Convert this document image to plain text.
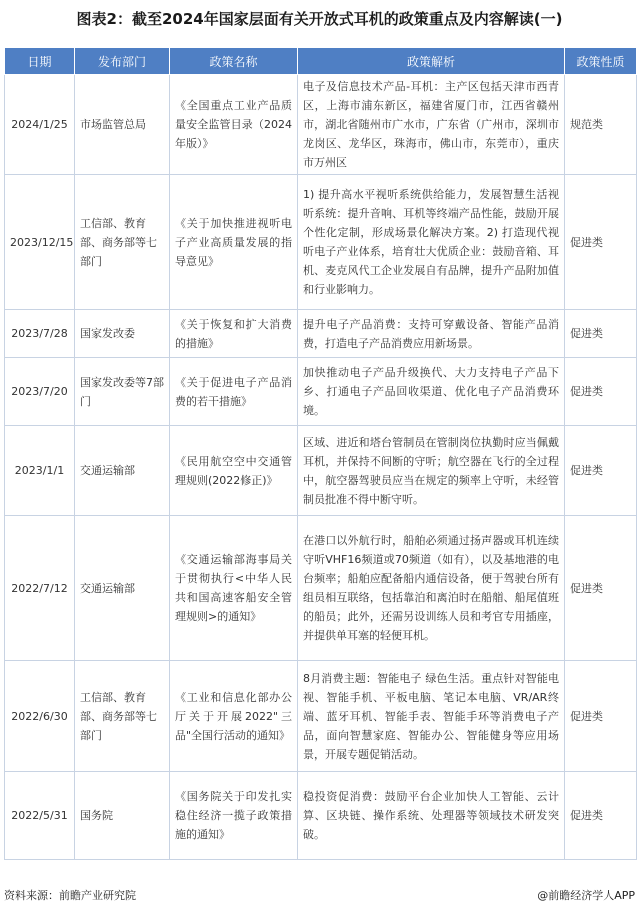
图表2：截至2024年国家层面有关开放式耳机的政策重点及内容解读(一)
日期	发布部门	政策名称	政策解析	政策性质
2024/1/25	市场监管总局	《全国重点工业产品质量安全监管目录（2024年版）》	电子及信息技术产品-耳机：主产区包括天津市西青区，上海市浦东新区，福建省厦门市，江西省赣州市，湖北省随州市广水市，广东省（广州市，深圳市龙岗区、龙华区，珠海市，佛山市，东莞市），重庆市万州区	规范类
2023/12/15	工信部、教育部、商务部等七部门	《关于加快推进视听电子产业高质量发展的指导意见》	1) 提升高水平视听系统供给能力，发展智慧生活视听系统：提升音响、耳机等终端产品性能，鼓励开展个性化定制，形成场景化解决方案。2) 打造现代视听电子产业体系，培育壮大优质企业：鼓励音箱、耳机、麦克风代工企业发展自有品牌，提升产品附加值和行业影响力。	促进类
2023/7/28	国家发改委	《关于恢复和扩大消费的措施》	提升电子产品消费：支持可穿戴设备、智能产品消费，打造电子产品消费应用新场景。	促进类
2023/7/20	国家发改委等7部门	《关于促进电子产品消费的若干措施》	加快推动电子产品升级换代、大力支持电子产品下乡、打通电子产品回收渠道、优化电子产品消费环境。	促进类
2023/1/1	交通运输部	《民用航空空中交通管理规则(2022修正)》	区域、进近和塔台管制员在管制岗位执勤时应当佩戴耳机，并保持不间断的守听；航空器在飞行的全过程中，航空器驾驶员应当在规定的频率上守听，未经管制员批准不得中断守听。	促进类
2022/7/12	交通运输部	《交通运输部海事局关于贯彻执行<中华人民共和国高速客船安全管理规则>的通知》	在港口以外航行时，船舶必须通过扬声器或耳机连续守听VHF16频道或70频道（如有），以及基地港的电台频率；船舶应配备船内通信设备，便于驾驶台所有组员相互联络，包括靠泊和离泊时在船艏、船尾值班的船员；此外，还需另设训练人员和考官专用插座，并提供单耳塞的轻便耳机。	促进类
2022/6/30	工信部、教育部、商务部等七部门	《工业和信息化部办公厅关于开展2022"三品"全国行活动的通知》	8月消费主题：智能电子 绿色生活。重点针对智能电视、智能手机、平板电脑、笔记本电脑、VR/AR终端、蓝牙耳机、智能手表、智能手环等消费电子产品，面向智慧家庭、智能办公、智能健身等应用场景，开展专题促销活动。	促进类
2022/5/31	国务院	《国务院关于印发扎实稳住经济一揽子政策措施的通知》	稳投资促消费：鼓励平台企业加快人工智能、云计算、区块链、操作系统、处理器等领域技术研发突破。	促进类
资料来源：前瞻产业研究院	@前瞻经济学人APP
